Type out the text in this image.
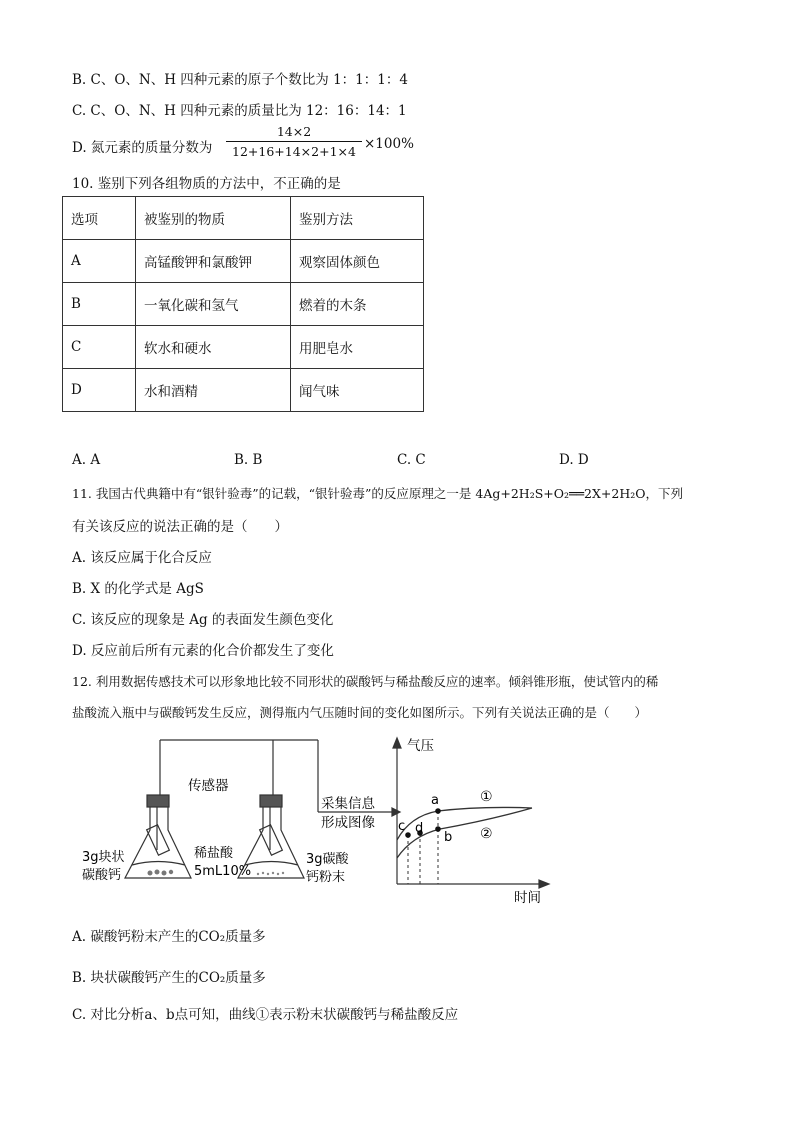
B. C、O、N、H 四种元素的原子个数比为 1：1：1：4
C. C、O、N、H 四种元素的质量比为 12：16：14：1
D. 氮元素的质量分数为 $\frac{14\times 2}{12+16+14\times 2+1\times 4} \times 100\%$
10. 鉴别下列各组物质的方法中，不正确的是
选项	被鉴别的物质	鉴别方法
A	高锰酸钾和氯酸钾	观察固体颜色
B	一氧化碳和氢气	燃着的木条
C	软水和硬水	用肥皂水
D	水和酒精	闻气味
A. A	B. B	C. C	D. D
11. 我国古代典籍中有“银针验毒”的记载，“银针验毒”的反应原理之一是 4Ag+2H₂S+O₂══2X+2H₂O，下列
有关该反应的说法正确的是（　　）
A. 该反应属于化合反应
B. X 的化学式是 AgS
C. 该反应的现象是 Ag 的表面发生颜色变化
D. 反应前后所有元素的化合价都发生了变化
12. 利用数据传感技术可以形象地比较不同形状的碳酸钙与稀盐酸反应的速率。倾斜锥形瓶，使试管内的稀
盐酸流入瓶中与碳酸钙发生反应，测得瓶内气压随时间的变化如图所示。下列有关说法正确的是（　　）
传感器
采集信息
形成图像
3g块状
碳酸钙
稀盐酸
5mL10%
3g碳酸
钙粉末
气压
时间
a
b
c d
①
②
A. 碳酸钙粉末产生的CO₂质量多
B. 块状碳酸钙产生的CO₂质量多
C. 对比分析a、b点可知，曲线①表示粉末状碳酸钙与稀盐酸反应
